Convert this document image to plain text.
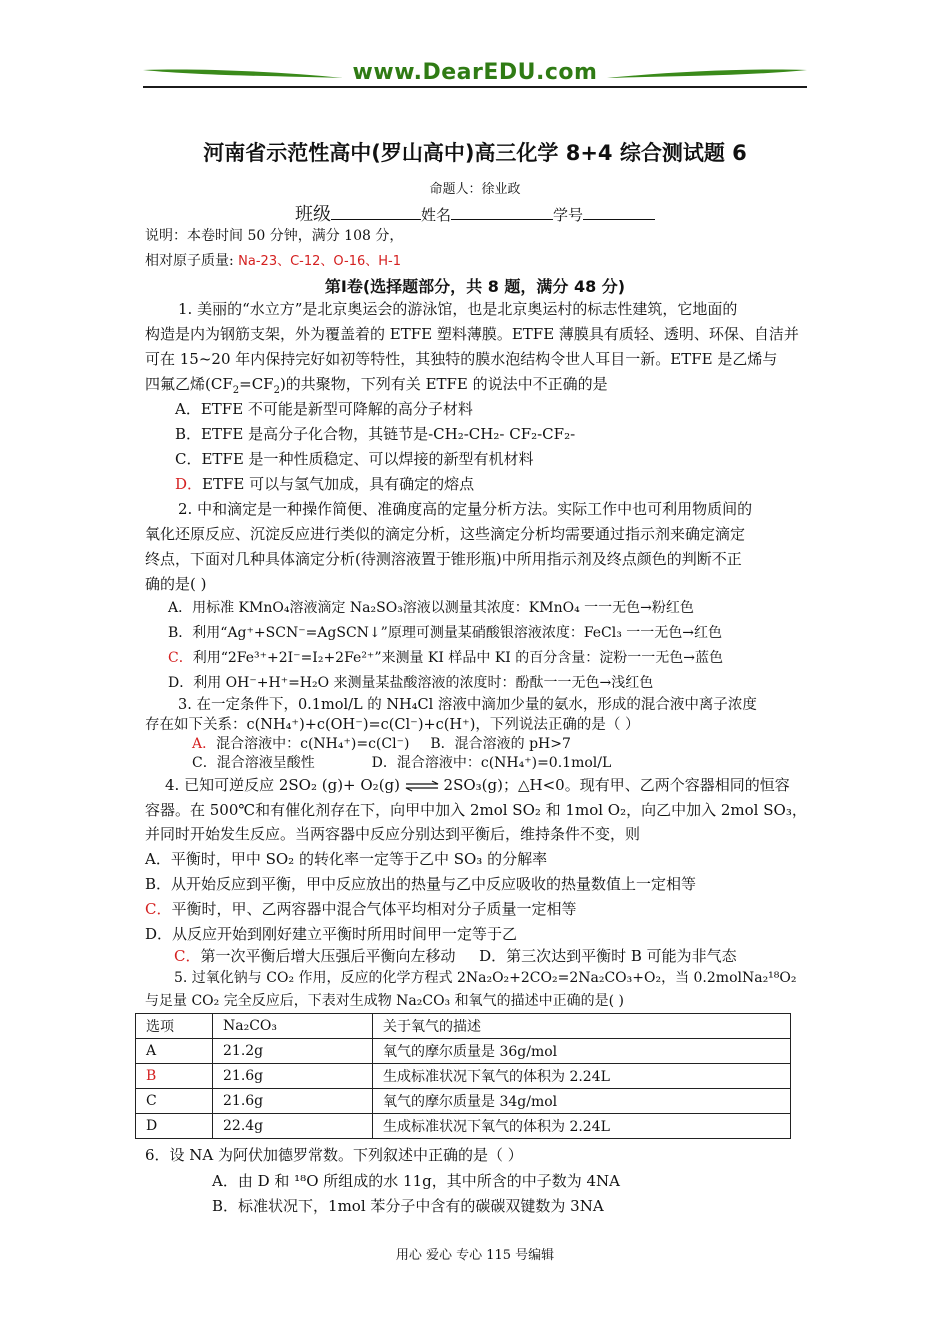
www.DearEDU.com
河南省示范性高中(罗山高中)高三化学 8+4 综合测试题 6
命题人：徐业政
班级	姓名	学号
说明：本卷时间 50 分钟，满分 108 分，
相对原子质量: Na-23、C-12、O-16、H-1
第Ⅰ卷(选择题部分，共 8 题，满分 48 分)
1. 美丽的“水立方”是北京奥运会的游泳馆，也是北京奥运村的标志性建筑，它地面的
构造是内为钢筋支架，外为覆盖着的 ETFE 塑料薄膜。ETFE 薄膜具有质轻、透明、环保、自洁并
可在 15~20 年内保持完好如初等特性，其独特的膜水泡结构令世人耳目一新。ETFE 是乙烯与
四氟乙烯$(CF_2=CF_2)$的共聚物，下列有关 ETFE 的说法中不正确的是
A．ETFE 不可能是新型可降解的高分子材料
B．ETFE 是高分子化合物，其链节是-CH₂-CH₂- CF₂-CF₂-
C．ETFE 是一种性质稳定、可以焊接的新型有机材料
D．ETFE 可以与氢气加成，具有确定的熔点
2. 中和滴定是一种操作简便、准确度高的定量分析方法。实际工作中也可利用物质间的
氧化还原反应、沉淀反应进行类似的滴定分析，这些滴定分析均需要通过指示剂来确定滴定
终点，下面对几种具体滴定分析(待测溶液置于锥形瓶)中所用指示剂及终点颜色的判断不正
确的是( )
A．用标准 KMnO₄溶液滴定 Na₂SO₃溶液以测量其浓度：KMnO₄ 一一无色→粉红色
B．利用“Ag⁺+SCN⁻=AgSCN↓”原理可测量某硝酸银溶液浓度：FeCl₃ 一一无色→红色
C．利用“2Fe³⁺+2I⁻=I₂+2Fe²⁺”来测量 KI 样品中 KI 的百分含量：淀粉一一无色→蓝色
D．利用 OH⁻+H⁺=H₂O 来测量某盐酸溶液的浓度时：酚酞一一无色→浅红色
3. 在一定条件下，0.1mol/L 的 NH₄Cl 溶液中滴加少量的氨水，形成的混合液中离子浓度
存在如下关系：c(NH₄⁺)+c(OH⁻)=c(Cl⁻)+c(H⁺)，下列说法正确的是（ ）
A．混合溶液中：c(NH₄⁺)=c(Cl⁻) B．混合溶液的 pH>7
C．混合溶液呈酸性	D．混合溶液中：c(NH₄⁺)=0.1mol/L
4. 已知可逆反应 2SO₂ (g)+ O₂(g) ⇌ 2SO₃(g)；△H<0。现有甲、乙两个容器相同的恒容
容器。在 500℃和有催化剂存在下，向甲中加入 2mol SO₂ 和 1mol O₂，向乙中加入 2mol SO₃，
并同时开始发生反应。当两容器中反应分别达到平衡后，维持条件不变，则
A．平衡时，甲中 SO₂ 的转化率一定等于乙中 SO₃ 的分解率
B．从开始反应到平衡，甲中反应放出的热量与乙中反应吸收的热量数值上一定相等
C．平衡时，甲、乙两容器中混合气体平均相对分子质量一定相等
D．从反应开始到刚好建立平衡时所用时间甲一定等于乙
C．第一次平衡后增大压强后平衡向左移动 D．第三次达到平衡时 B 可能为非气态
5. 过氧化钠与 CO₂ 作用，反应的化学方程式 2Na₂O₂+2CO₂=2Na₂CO₃+O₂，当 0.2molNa₂¹⁸O₂
与足量 CO₂ 完全反应后，下表对生成物 Na₂CO₃ 和氧气的描述中正确的是( )
选项	Na₂CO₃	关于氧气的描述
A	21.2g	氧气的摩尔质量是 36g/mol
B	21.6g	生成标准状况下氧气的体积为 2.24L
C	21.6g	氧气的摩尔质量是 34g/mol
D	22.4g	生成标准状况下氧气的体积为 2.24L
6．设 NA 为阿伏加德罗常数。下列叙述中正确的是（ ）
A．由 D 和 ¹⁸O 所组成的水 11g，其中所含的中子数为 4NA
B．标准状况下，1mol 苯分子中含有的碳碳双键数为 3NA
用心 爱心 专心 115 号编辑
